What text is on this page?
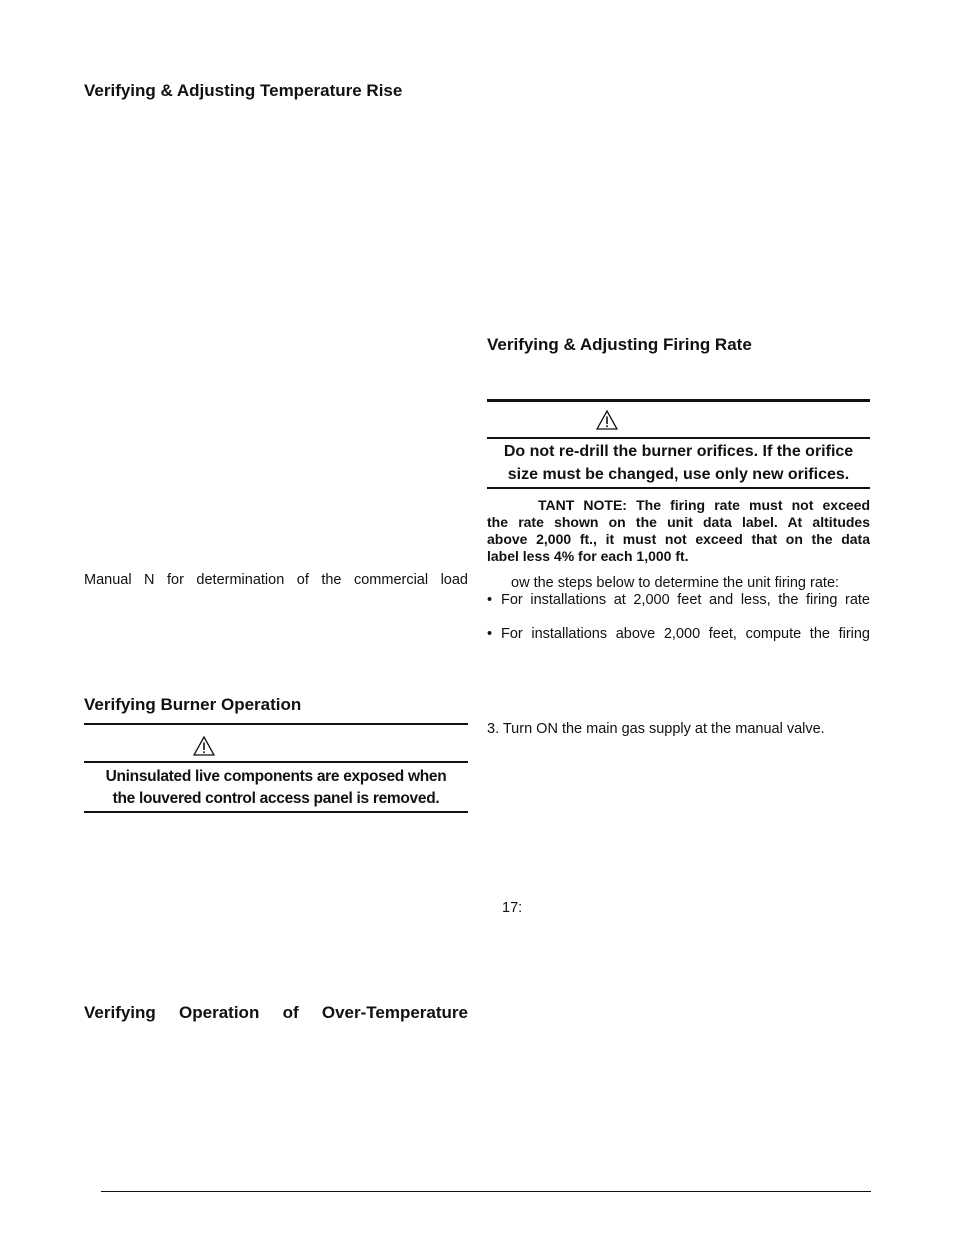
Verifying & Adjusting Temperature Rise
Manual N for determination of the commercial load
Verifying Burner Operation
Uninsulated live components are exposed when
the louvered control access panel is removed.
Verifying Operation of Over-Temperature
Verifying & Adjusting Firing Rate
Do not re-drill the burner orifices. If the orifice
size must be changed, use only new orifices.
TANT NOTE: The firing rate must not exceed
the rate shown on the unit data label. At altitudes
above 2,000 ft., it must not exceed that on the data
label less 4% for each 1,000 ft.
ow the steps below to determine the unit firing rate:
• For installations at 2,000 feet and less, the firing rate
• For installations above 2,000 feet, compute the firing
3. Turn ON the main gas supply at the manual valve.
17:
